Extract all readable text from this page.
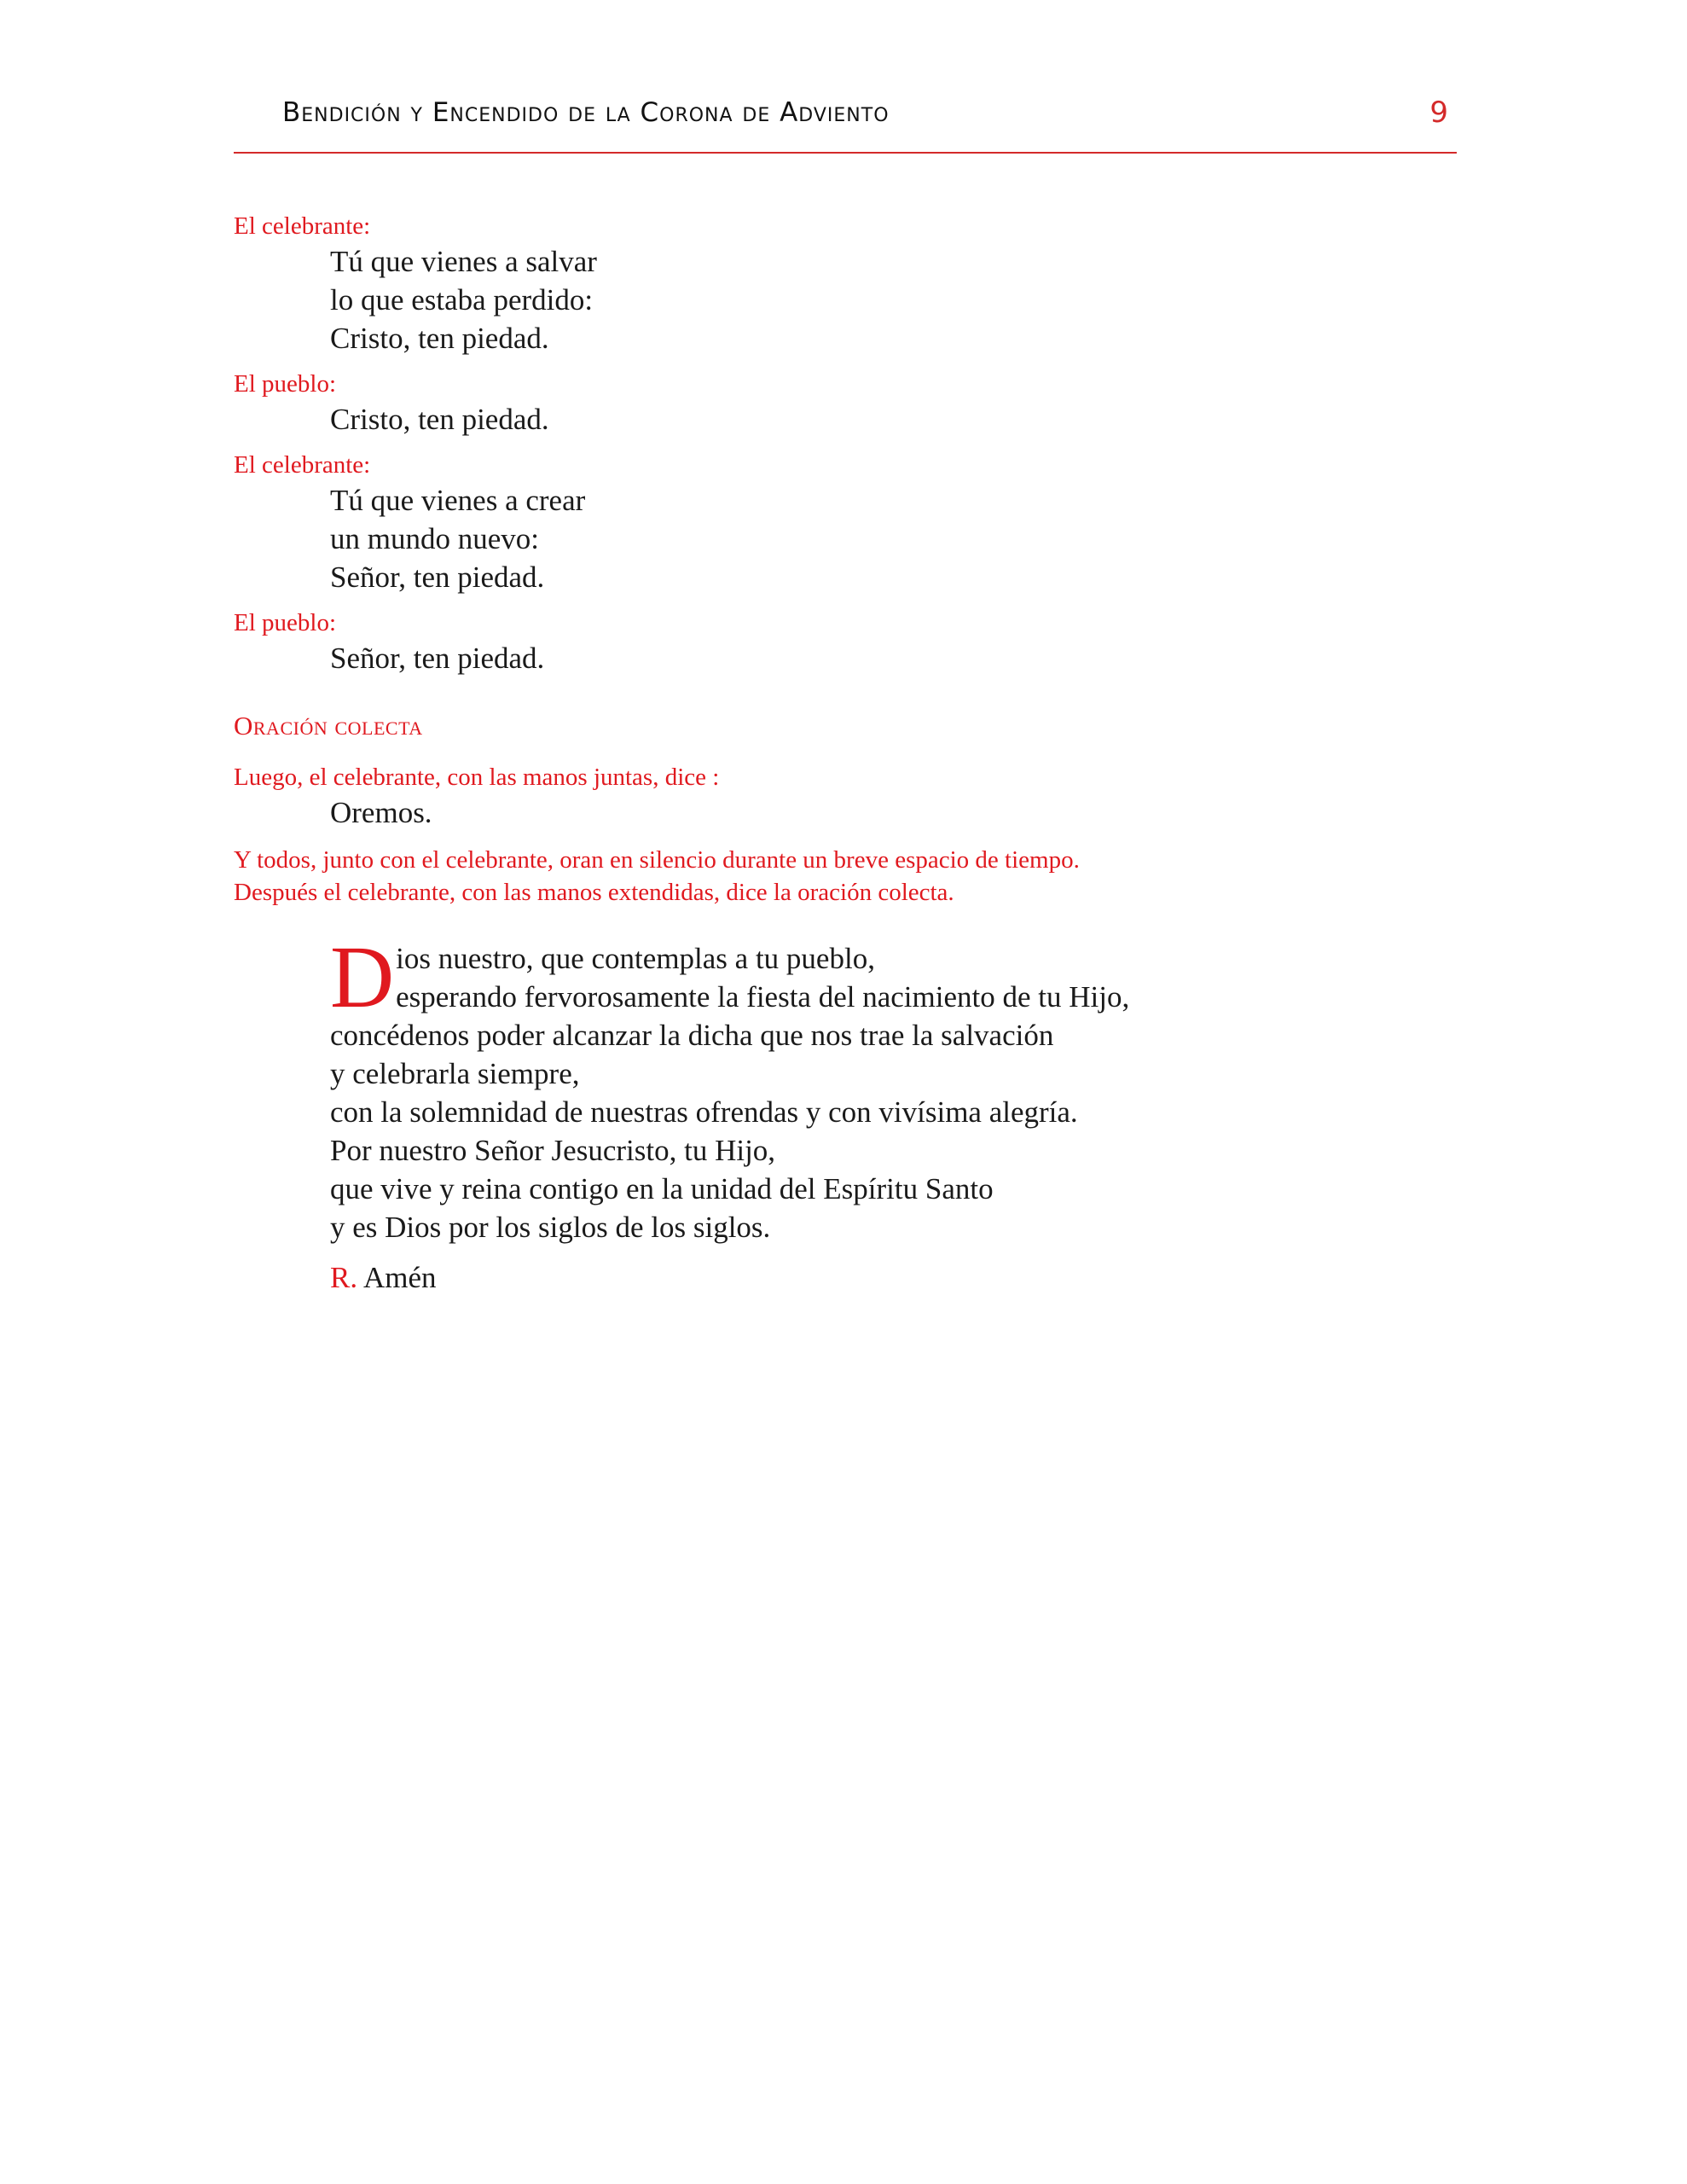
Bendición y Encendido de la Corona de Adviento	9
El celebrante:
Tú que vienes a salvar
lo que estaba perdido:
Cristo, ten piedad.
El pueblo:
Cristo, ten piedad.
El celebrante:
Tú que vienes a crear
un mundo nuevo:
Señor, ten piedad.
El pueblo:
Señor, ten piedad.
Oración colecta
Luego, el celebrante, con las manos juntas, dice :
Oremos.
Y todos, junto con el celebrante, oran en silencio durante un breve espacio de tiempo.
Después el celebrante, con las manos extendidas, dice la oración colecta.
D ios nuestro, que contemplas a tu pueblo,
esperando fervorosamente la fiesta del nacimiento de tu Hijo,
concédenos poder alcanzar la dicha que nos trae la salvación
y celebrarla siempre,
con la solemnidad de nuestras ofrendas y con vivísima alegría.
Por nuestro Señor Jesucristo, tu Hijo,
que vive y reina contigo en la unidad del Espíritu Santo
y es Dios por los siglos de los siglos.
R. Amén
